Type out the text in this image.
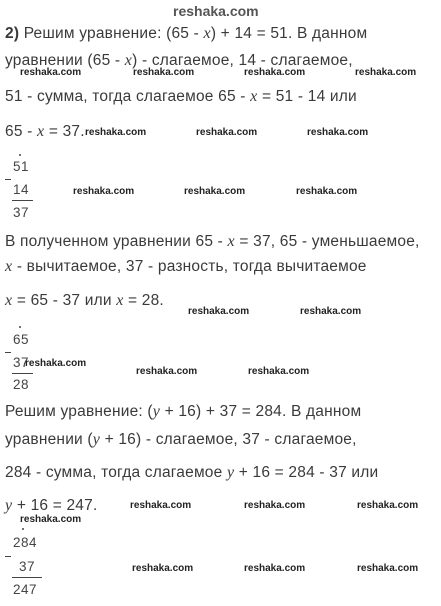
reshaka.com
2) Решим уравнение: (65 - x) + 14 = 51. В данном
уравнении (65 - x) - слагаемое, 14 - слагаемое,
51 - сумма, тогда слагаемое 65 - x = 51 - 14 или
65 - x = 37.
51
14
37
В полученном уравнении 65 - x = 37, 65 - уменьшаемое,
x - вычитаемое, 37 - разность, тогда вычитаемое
x = 65 - 37 или x = 28.
65
37
28
Решим уравнение: (y + 16) + 37 = 284. В данном
уравнении (y + 16) - слагаемое, 37 - слагаемое,
284 - сумма, тогда слагаемое y + 16 = 284 - 37 или
y + 16 = 247.
284
37
247
reshaka.com	reshaka.com	reshaka.com	reshaka.com
reshaka.com	reshaka.com	reshaka.com
reshaka.com	reshaka.com	reshaka.com
reshaka.com	reshaka.com
reshaka.com
reshaka.com	reshaka.com
reshaka.com	reshaka.com	reshaka.com
reshaka.com
reshaka.com	reshaka.com	reshaka.com
